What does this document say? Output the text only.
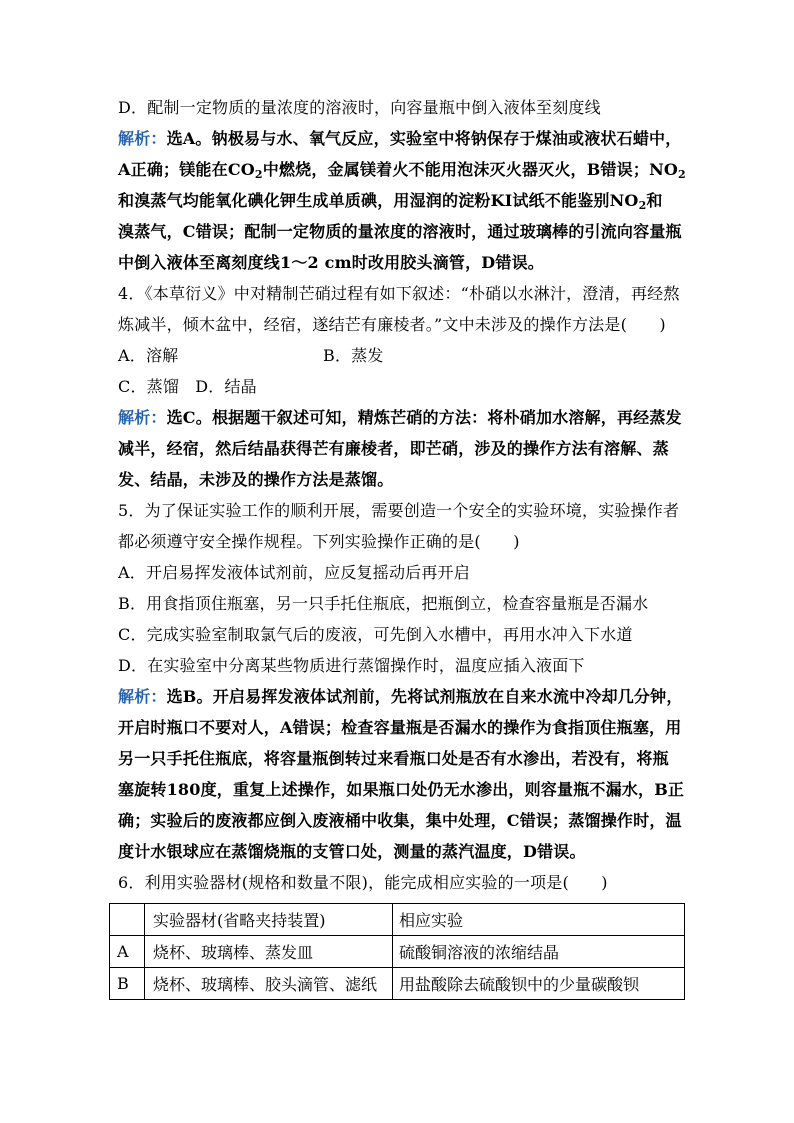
D．配制一定物质的量浓度的溶液时，向容量瓶中倒入液体至刻度线
解析：选A。钠极易与水、氧气反应，实验室中将钠保存于煤油或液状石蜡中，
A正确；镁能在$CO_2$中燃烧，金属镁着火不能用泡沫灭火器灭火，B错误；$NO_2$
和溴蒸气均能氧化碘化钾生成单质碘，用湿润的淀粉KI试纸不能鉴别$NO_2$和
溴蒸气，C错误；配制一定物质的量浓度的溶液时，通过玻璃棒的引流向容量瓶
中倒入液体至离刻度线1～2 cm时改用胶头滴管，D错误。
4．《本草衍义》中对精制芒硝过程有如下叙述：“朴硝以水淋汁，澄清，再经熬
炼减半，倾木盆中，经宿，遂结芒有廉棱者。”文中未涉及的操作方法是(　　)
A．溶解	B．蒸发
C．蒸馏　D．结晶
解析：选C。根据题干叙述可知，精炼芒硝的方法：将朴硝加水溶解，再经蒸发
减半，经宿，然后结晶获得芒有廉棱者，即芒硝，涉及的操作方法有溶解、蒸
发、结晶，未涉及的操作方法是蒸馏。
5．为了保证实验工作的顺利开展，需要创造一个安全的实验环境，实验操作者
都必须遵守安全操作规程。下列实验操作正确的是(　　)
A．开启易挥发液体试剂前，应反复摇动后再开启
B．用食指顶住瓶塞，另一只手托住瓶底，把瓶倒立，检查容量瓶是否漏水
C．完成实验室制取氯气后的废液，可先倒入水槽中，再用水冲入下水道
D．在实验室中分离某些物质进行蒸馏操作时，温度应插入液面下
解析：选B。开启易挥发液体试剂前，先将试剂瓶放在自来水流中冷却几分钟，
开启时瓶口不要对人，A错误；检查容量瓶是否漏水的操作为食指顶住瓶塞，用
另一只手托住瓶底，将容量瓶倒转过来看瓶口处是否有水渗出，若没有，将瓶
塞旋转180度，重复上述操作，如果瓶口处仍无水渗出，则容量瓶不漏水，B正
确；实验后的废液都应倒入废液桶中收集，集中处理，C错误；蒸馏操作时，温
度计水银球应在蒸馏烧瓶的支管口处，测量的蒸汽温度，D错误。
6．利用实验器材(规格和数量不限)，能完成相应实验的一项是(　　)
	实验器材(省略夹持装置)	相应实验
A	烧杯、玻璃棒、蒸发皿	硫酸铜溶液的浓缩结晶
B	烧杯、玻璃棒、胶头滴管、滤纸	用盐酸除去硫酸钡中的少量碳酸钡
